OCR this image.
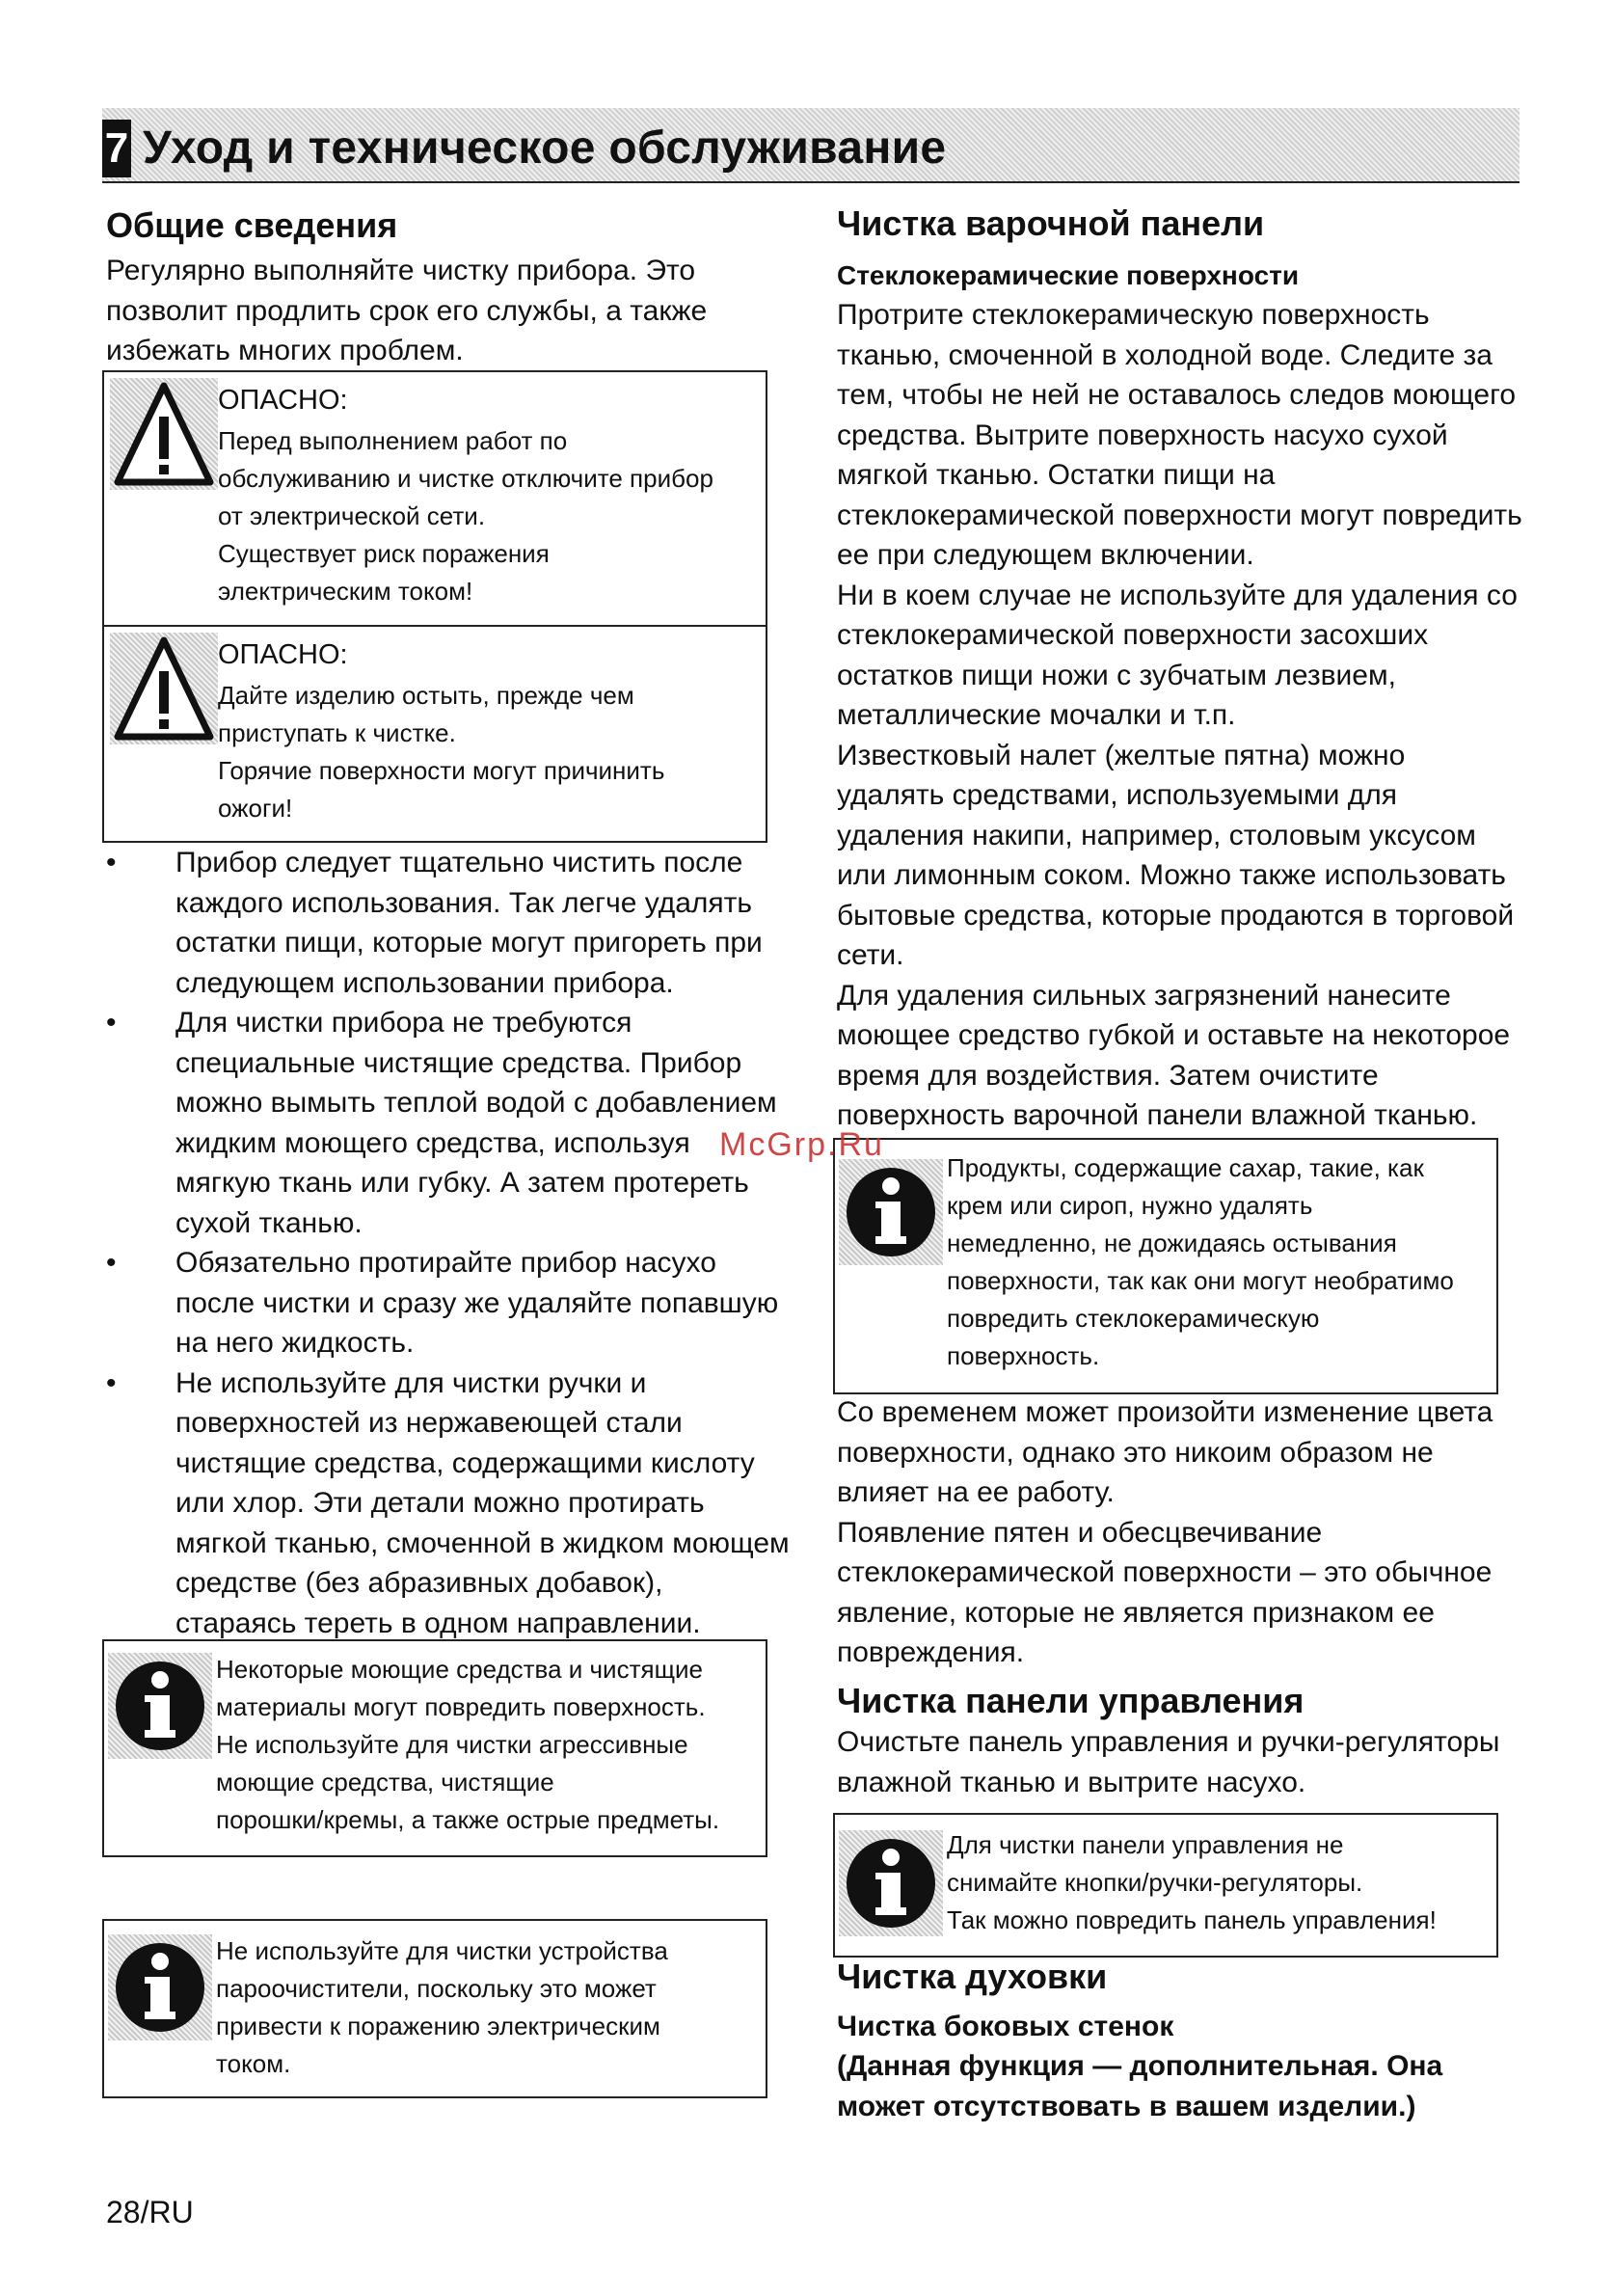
7 Уход и техническое обслуживание
Общие сведения
Регулярно выполняйте чистку прибора. Это
позволит продлить срок его службы, а также
избежать многих проблем.
ОПАСНО:
Перед выполнением работ по
обслуживанию и чистке отключите прибор
от электрической сети.
Существует риск поражения
электрическим током!
ОПАСНО:
Дайте изделию остыть, прежде чем
приступать к чистке.
Горячие поверхности могут причинить
ожоги!
• Прибор следует тщательно чистить после
каждого использования. Так легче удалять
остатки пищи, которые могут пригореть при
следующем использовании прибора.
• Для чистки прибора не требуются
специальные чистящие средства. Прибор
можно вымыть теплой водой с добавлением
жидким моющего средства, используя
мягкую ткань или губку. А затем протереть
сухой тканью.
• Обязательно протирайте прибор насухо
после чистки и сразу же удаляйте попавшую
на него жидкость.
• Не используйте для чистки ручки и
поверхностей из нержавеющей стали
чистящие средства, содержащими кислоту
или хлор. Эти детали можно протирать
мягкой тканью, смоченной в жидком моющем
средстве (без абразивных добавок),
стараясь тереть в одном направлении.
Некоторые моющие средства и чистящие
материалы могут повредить поверхность.
Не используйте для чистки агрессивные
моющие средства, чистящие
порошки/кремы, а также острые предметы.
Не используйте для чистки устройства
пароочистители, поскольку это может
привести к поражению электрическим
током.
Чистка варочной панели
Стеклокерамические поверхности
Протрите стеклокерамическую поверхность
тканью, смоченной в холодной воде. Следите за
тем, чтобы не ней не оставалось следов моющего
средства. Вытрите поверхность насухо сухой
мягкой тканью. Остатки пищи на
стеклокерамической поверхности могут повредить
ее при следующем включении.
Ни в коем случае не используйте для удаления со
стеклокерамической поверхности засохших
остатков пищи ножи с зубчатым лезвием,
металлические мочалки и т.п.
Известковый налет (желтые пятна) можно
удалять средствами, используемыми для
удаления накипи, например, столовым уксусом
или лимонным соком. Можно также использовать
бытовые средства, которые продаются в торговой
сети.
Для удаления сильных загрязнений нанесите
моющее средство губкой и оставьте на некоторое
время для воздействия. Затем очистите
поверхность варочной панели влажной тканью.
Продукты, содержащие сахар, такие, как
крем или сироп, нужно удалять
немедленно, не дожидаясь остывания
поверхности, так как они могут необратимо
повредить стеклокерамическую
поверхность.
McGrp.Ru
Со временем может произойти изменение цвета
поверхности, однако это никоим образом не
влияет на ее работу.
Появление пятен и обесцвечивание
стеклокерамической поверхности – это обычное
явление, которые не является признаком ее
повреждения.
Чистка панели управления
Очистьте панель управления и ручки-регуляторы
влажной тканью и вытрите насухо.
Для чистки панели управления не
снимайте кнопки/ручки-регуляторы.
Так можно повредить панель управления!
Чистка духовки
Чистка боковых стенок
(Данная функция — дополнительная. Она
может отсутствовать в вашем изделии.)
28/RU
